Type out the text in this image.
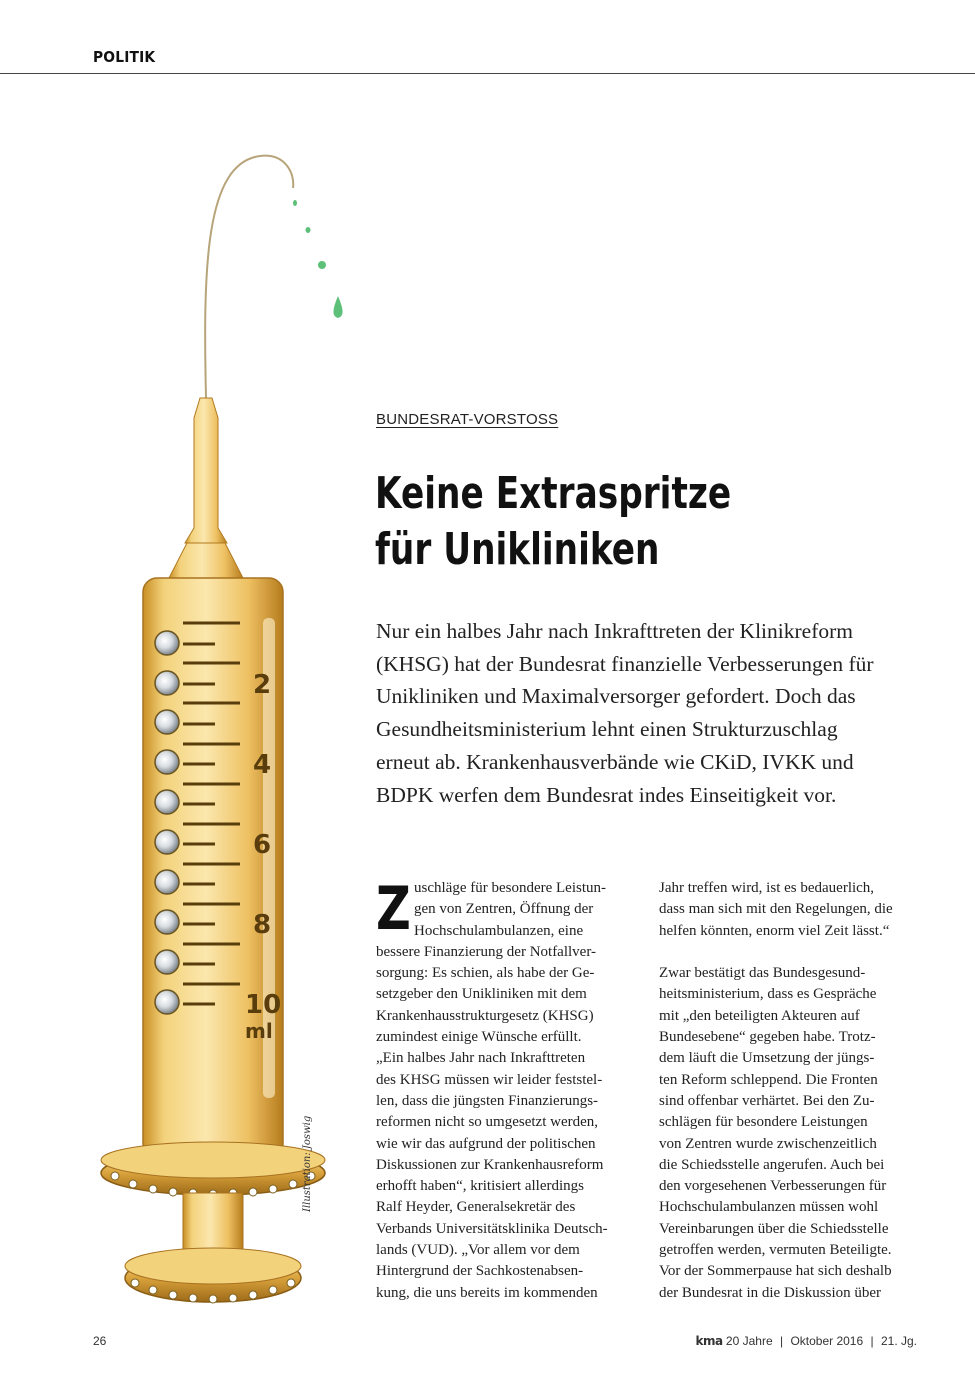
POLITIK
2
4
6
8
10
ml
Illustration: Joswig
BUNDESRAT-VORSTOSS
Keine Extraspritze
für Unikliniken
Nur ein halbes Jahr nach Inkrafttreten der Klinikreform
(KHSG) hat der Bundesrat finanzielle Verbesserungen für
Unikliniken und Maximalversorger gefordert. Doch das
Gesundheitsministerium lehnt einen Strukturzuschlag
erneut ab. Krankenhausverbände wie CKiD, IVKK und
BDPK werfen dem Bundesrat indes Einseitigkeit vor.
Z uschläge für besondere Leistun-
gen von Zentren, Öffnung der
Hochschulambulanzen, eine
bessere Finanzierung der Notfallver-
sorgung: Es schien, als habe der Ge-
setzgeber den Unikliniken mit dem
Krankenhausstrukturgesetz (KHSG)
zumindest einige Wünsche erfüllt.
„Ein halbes Jahr nach Inkrafttreten
des KHSG müssen wir leider feststel-
len, dass die jüngsten Finanzierungs-
reformen nicht so umgesetzt werden,
wie wir das aufgrund der politischen
Diskussionen zur Krankenhausreform
erhofft haben“, kritisiert allerdings
Ralf Heyder, Generalsekretär des
Verbands Universitätsklinika Deutsch-
lands (VUD). „Vor allem vor dem
Hintergrund der Sachkostenabsen-
kung, die uns bereits im kommenden
Jahr treffen wird, ist es bedauerlich,
dass man sich mit den Regelungen, die
helfen könnten, enorm viel Zeit lässt.“
Zwar bestätigt das Bundesgesund-
heitsministerium, dass es Gespräche
mit „den beteiligten Akteuren auf
Bundesebene“ gegeben habe. Trotz-
dem läuft die Umsetzung der jüngs-
ten Reform schleppend. Die Fronten
sind offenbar verhärtet. Bei den Zu-
schlägen für besondere Leistungen
von Zentren wurde zwischenzeitlich
die Schiedsstelle angerufen. Auch bei
den vorgesehenen Verbesserungen für
Hochschulambulanzen müssen wohl
Vereinbarungen über die Schiedsstelle
getroffen werden, vermuten Beteiligte.
Vor der Sommerpause hat sich deshalb
der Bundesrat in die Diskussion über
26	kma 20 Jahre | Oktober 2016 | 21. Jg.
